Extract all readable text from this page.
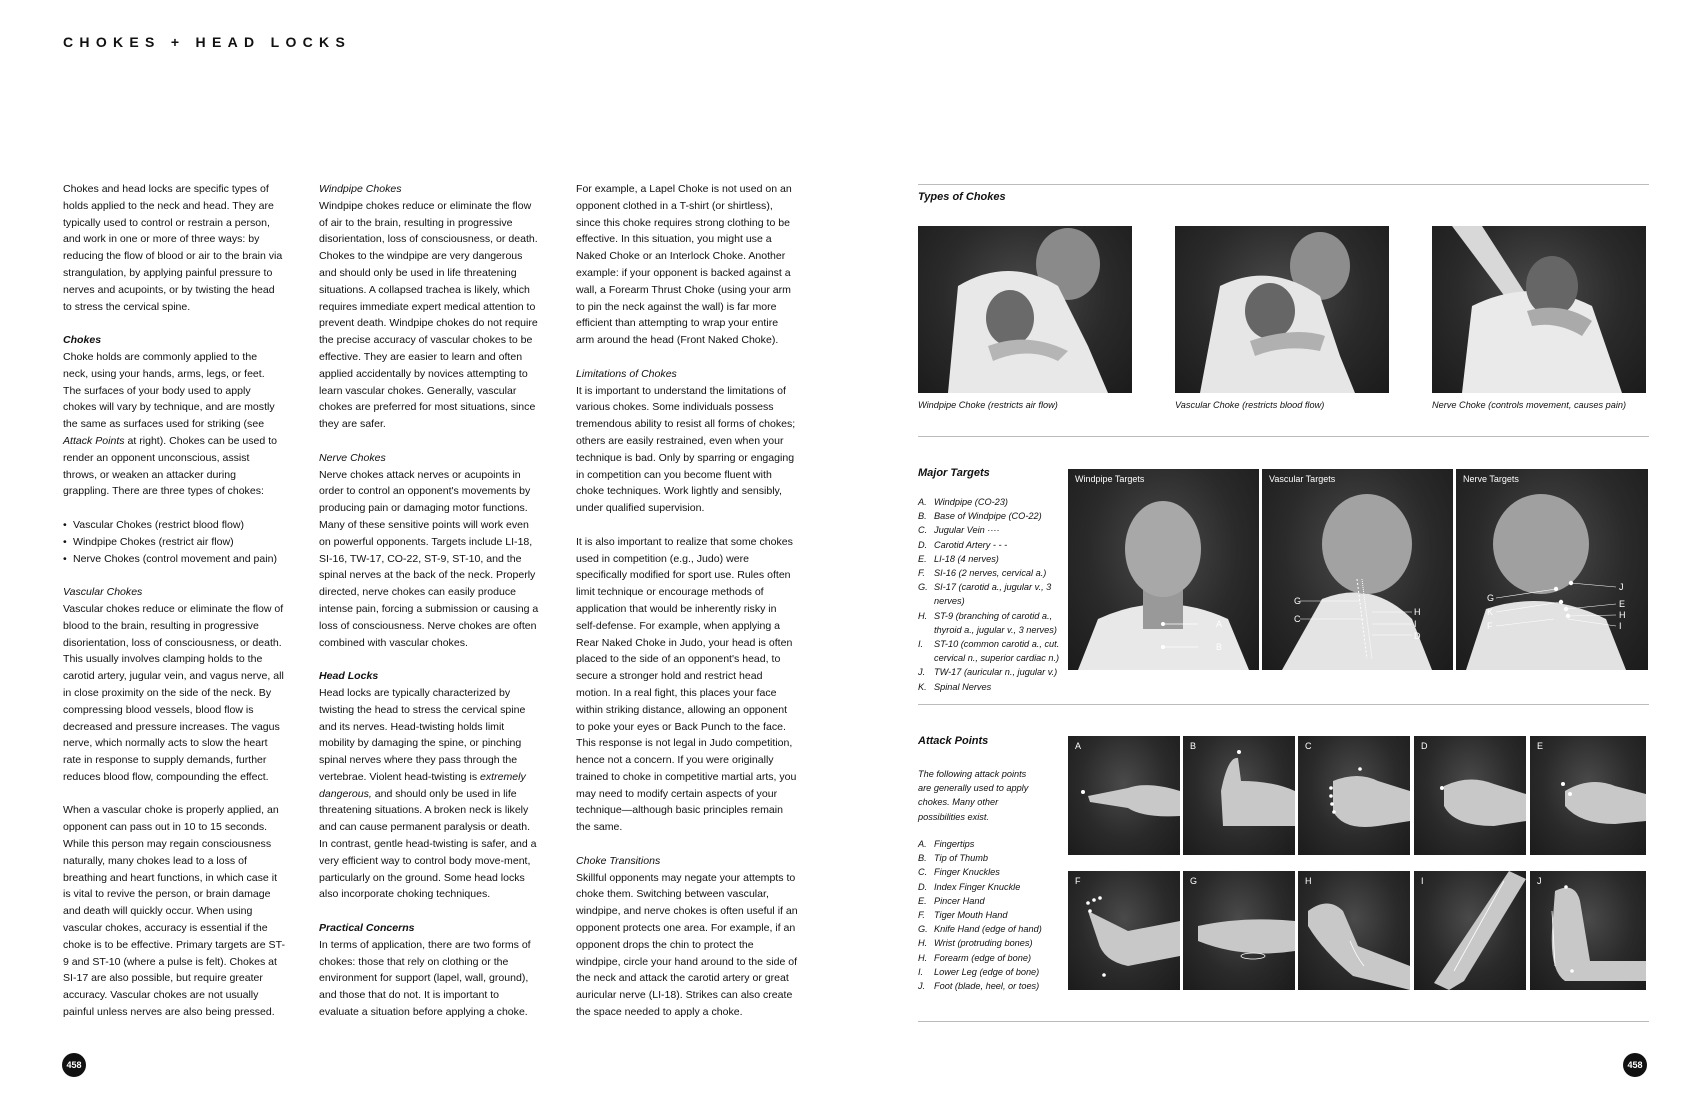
CHOKES + HEAD LOCKS

Chokes and head locks are specific types of holds applied to the neck and head. They are typically used to control or restrain a person, and work in one or more of three ways: by reducing the flow of blood or air to the brain via strangulation, by applying painful pressure to nerves and acupoints, or by twisting the head to stress the cervical spine.

Chokes
Choke holds are commonly applied to the neck, using your hands, arms, legs, or feet. The surfaces of your body used to apply chokes will vary by technique, and are mostly the same as surfaces used for striking (see Attack Points at right). Chokes can be used to render an opponent unconscious, assist throws, or weaken an attacker during grappling. There are three types of chokes:

• Vascular Chokes (restrict blood flow)
• Windpipe Chokes (restrict air flow)
• Nerve Chokes (control movement and pain)

Vascular Chokes
Vascular chokes reduce or eliminate the flow of blood to the brain, resulting in progressive disorientation, loss of consciousness, or death. This usually involves clamping holds to the carotid artery, jugular vein, and vagus nerve, all in close proximity on the side of the neck. By compressing blood vessels, blood flow is decreased and pressure increases. The vagus nerve, which normally acts to slow the heart rate in response to supply demands, further reduces blood flow, compounding the effect.

When a vascular choke is properly applied, an opponent can pass out in 10 to 15 seconds. While this person may regain consciousness naturally, many chokes lead to a loss of breathing and heart functions, in which case it is vital to revive the person, or brain damage and death will quickly occur. When using vascular chokes, accuracy is essential if the choke is to be effective. Primary targets are ST-9 and ST-10 (where a pulse is felt). Chokes at SI-17 are also possible, but require greater accuracy. Vascular chokes are not usually painful unless nerves are also being pressed.

Windpipe Chokes
Windpipe chokes reduce or eliminate the flow of air to the brain, resulting in progressive disorientation, loss of consciousness, or death. Chokes to the windpipe are very dangerous and should only be used in life threatening situations. A collapsed trachea is likely, which requires immediate expert medical attention to prevent death. Windpipe chokes do not require the precise accuracy of vascular chokes to be effective. They are easier to learn and often applied accidentally by novices attempting to learn vascular chokes. Generally, vascular chokes are preferred for most situations, since they are safer.

Nerve Chokes
Nerve chokes attack nerves or acupoints in order to control an opponent's movements by producing pain or damaging motor functions. Many of these sensitive points will work even on powerful opponents. Targets include LI-18, SI-16, TW-17, CO-22, ST-9, ST-10, and the spinal nerves at the back of the neck. Properly directed, nerve chokes can easily produce intense pain, forcing a submission or causing a loss of consciousness. Nerve chokes are often combined with vascular chokes.

Head Locks
Head locks are typically characterized by twisting the head to stress the cervical spine and its nerves. Head-twisting holds limit mobility by damaging the spine, or pinching spinal nerves where they pass through the vertebrae. Violent head-twisting is extremely dangerous, and should only be used in life threatening situations. A broken neck is likely and can cause permanent paralysis or death. In contrast, gentle head-twisting is safer, and a very efficient way to control body move-ment, particularly on the ground. Some head locks also incorporate choking techniques.

Practical Concerns
In terms of application, there are two forms of chokes: those that rely on clothing or the environment for support (lapel, wall, ground), and those that do not. It is important to evaluate a situation before applying a choke.

For example, a Lapel Choke is not used on an opponent clothed in a T-shirt (or shirtless), since this choke requires strong clothing to be effective. In this situation, you might use a Naked Choke or an Interlock Choke. Another example: if your opponent is backed against a wall, a Forearm Thrust Choke (using your arm to pin the neck against the wall) is far more efficient than attempting to wrap your entire arm around the head (Front Naked Choke).

Limitations of Chokes
It is important to understand the limitations of various chokes. Some individuals possess tremendous ability to resist all forms of chokes; others are easily restrained, even when your technique is bad. Only by sparring or engaging in competition can you become fluent with choke techniques. Work lightly and sensibly, under qualified supervision.

It is also important to realize that some chokes used in competition (e.g., Judo) were specifically modified for sport use. Rules often limit technique or encourage methods of application that would be inherently risky in self-defense. For example, when applying a Rear Naked Choke in Judo, your head is often placed to the side of an opponent's head, to secure a stronger hold and restrict head motion. In a real fight, this places your face within striking distance, allowing an opponent to poke your eyes or Back Punch to the face. This response is not legal in Judo competition, hence not a concern. If you were originally trained to choke in competitive martial arts, you may need to modify certain aspects of your technique—although basic principles remain the same.

Choke Transitions
Skillful opponents may negate your attempts to choke them. Switching between vascular, windpipe, and nerve chokes is often useful if an opponent protects one area. For example, if an opponent drops the chin to protect the windpipe, circle your hand around to the side of the neck and attack the carotid artery or great auricular nerve (LI-18). Strikes can also create the space needed to apply a choke.

Types of Chokes
Windpipe Choke (restricts air flow)	Vascular Choke (restricts blood flow)	Nerve Choke (controls movement, causes pain)
Major Targets
A. Windpipe (CO-23)
B. Base of Windpipe (CO-22)
C. Jugular Vein ····
D. Carotid Artery - - -
E. LI-18 (4 nerves)
F. SI-16 (2 nerves, cervical a.)
G. SI-17 (carotid a., jugular v., 3 nerves)
H. ST-9 (branching of carotid a., thyroid a., jugular v., 3 nerves)
I.	ST-10 (common carotid a., cut. cervical n., superior cardiac n.)
J. TW-17 (auricular n., jugular v.)
K. Spinal Nerves
A
B
Windpipe Targets
G
C
H
I
D
Vascular Targets
G
K
F
J
E
H
I
Nerve Targets
Attack Points
The following attack points are generally used to apply chokes. Many other possibilities exist.
A. Fingertips
B. Tip of Thumb
C. Finger Knuckles
D. Index Finger Knuckle
E. Pincer Hand
F. Tiger Mouth Hand
G. Knife Hand (edge of hand)
H. Wrist (protruding bones)
H. Forearm (edge of bone)
I.	Lower Leg (edge of bone)
J. Foot (blade, heel, or toes)
A	B	C	D	E
F	G	H	I	J
458	458
